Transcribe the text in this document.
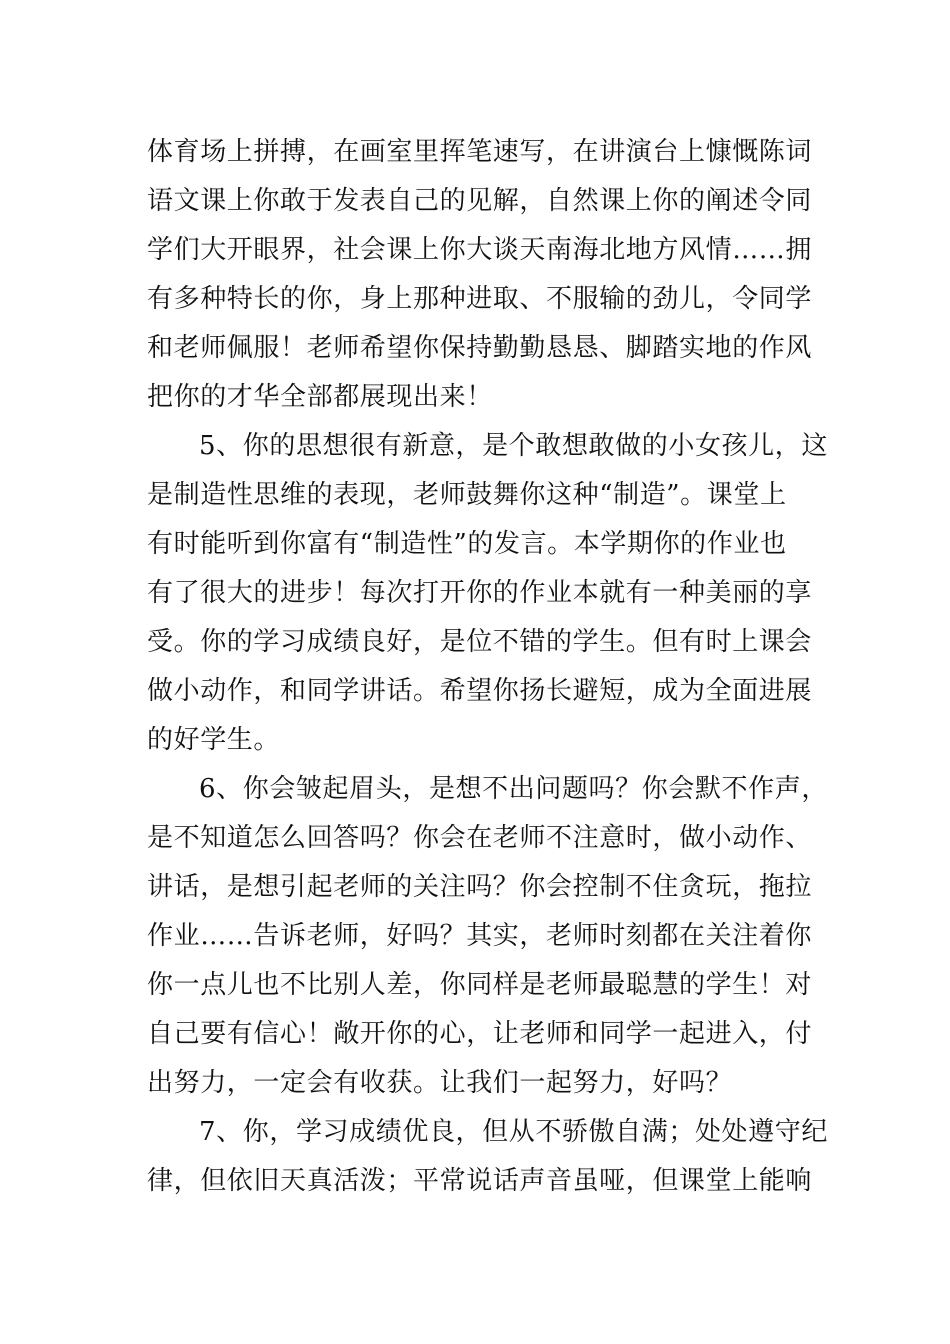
体育场上拼搏，在画室里挥笔速写，在讲演台上慷慨陈词
语文课上你敢于发表自己的见解，自然课上你的阐述令同
学们大开眼界，社会课上你大谈天南海北地方风情……拥
有多种特长的你，身上那种进取、不服输的劲儿，令同学
和老师佩服！老师希望你保持勤勤恳恳、脚踏实地的作风
把你的才华全部都展现出来！
5、你的思想很有新意，是个敢想敢做的小女孩儿，这
是制造性思维的表现，老师鼓舞你这种“制造”。课堂上
有时能听到你富有“制造性”的发言。本学期你的作业也
有了很大的进步！每次打开你的作业本就有一种美丽的享
受。你的学习成绩良好，是位不错的学生。但有时上课会
做小动作，和同学讲话。希望你扬长避短，成为全面进展
的好学生。
6、你会皱起眉头，是想不出问题吗？你会默不作声，
是不知道怎么回答吗？你会在老师不注意时，做小动作、
讲话，是想引起老师的关注吗？你会控制不住贪玩，拖拉
作业……告诉老师，好吗？其实，老师时刻都在关注着你
你一点儿也不比别人差，你同样是老师最聪慧的学生！对
自己要有信心！敞开你的心，让老师和同学一起进入，付
出努力，一定会有收获。让我们一起努力，好吗？
7、你，学习成绩优良，但从不骄傲自满；处处遵守纪
律，但依旧天真活泼；平常说话声音虽哑，但课堂上能响
